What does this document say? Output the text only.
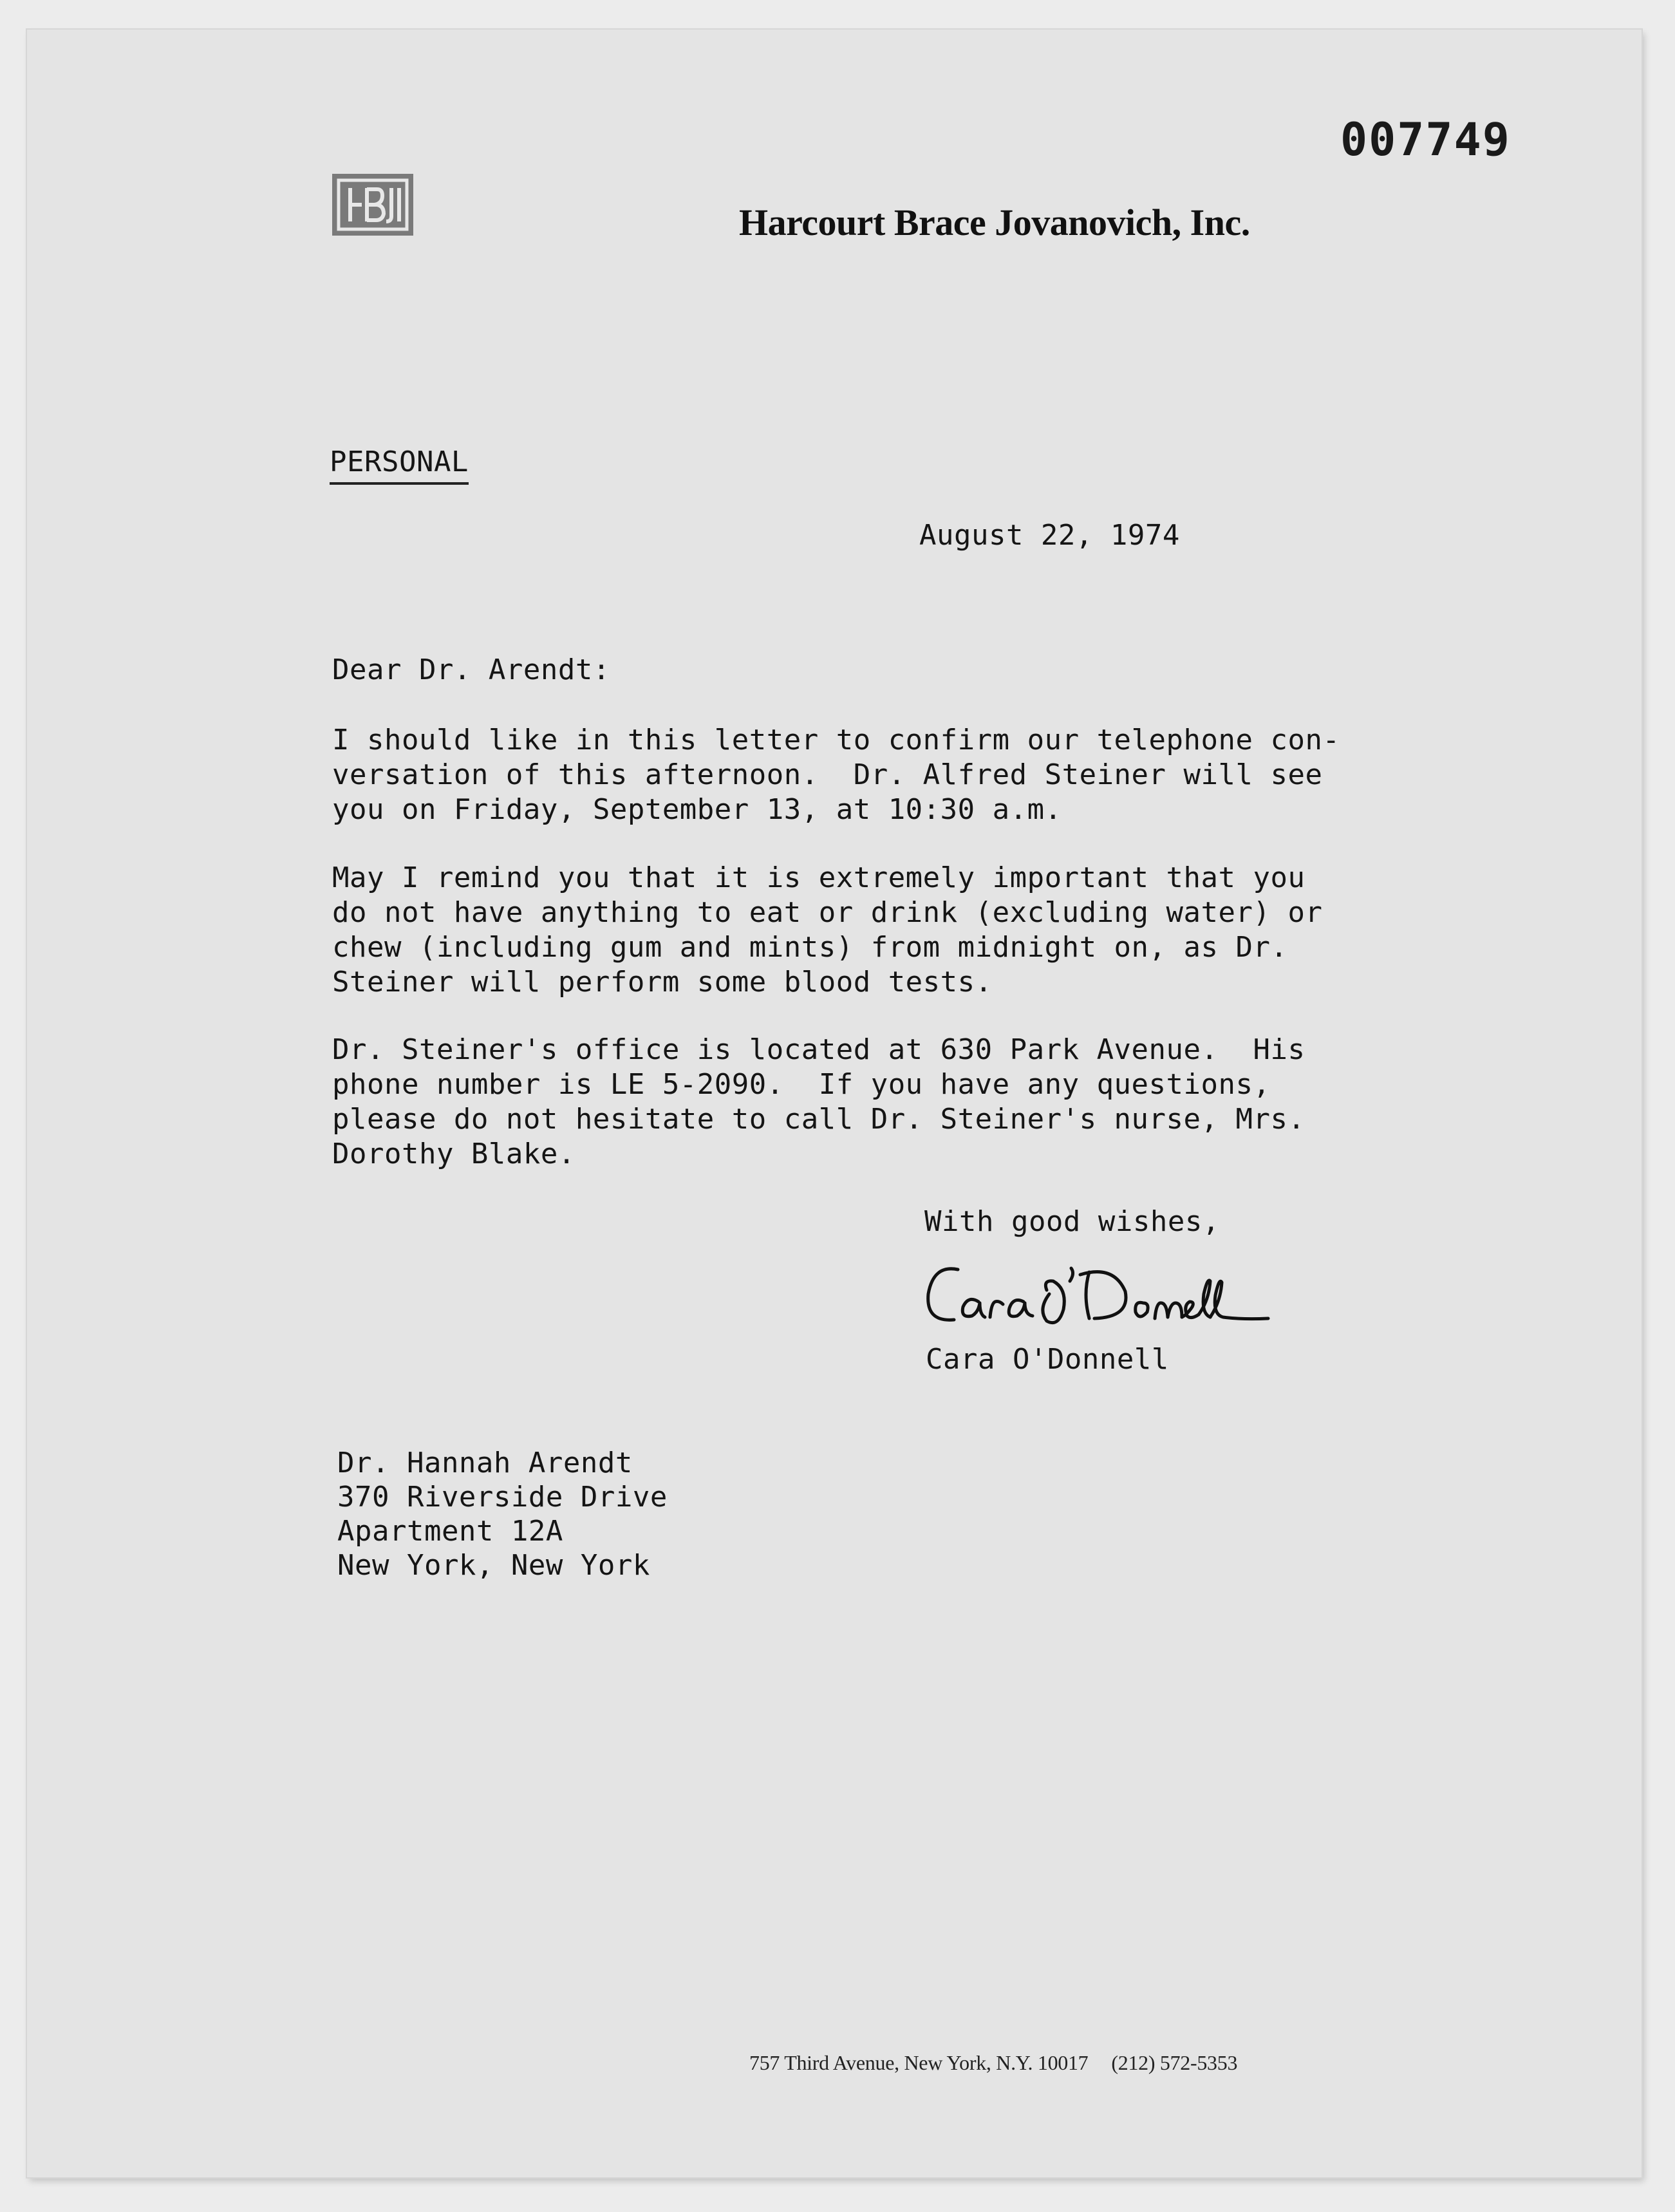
007749
Harcourt Brace Jovanovich, Inc.
PERSONAL
August 22, 1974
Dear Dr. Arendt:
I should like in this letter to confirm our telephone con-
versation of this afternoon.  Dr. Alfred Steiner will see
you on Friday, September 13, at 10:30 a.m.
May I remind you that it is extremely important that you
do not have anything to eat or drink (excluding water) or
chew (including gum and mints) from midnight on, as Dr.
Steiner will perform some blood tests.
Dr. Steiner's office is located at 630 Park Avenue.  His
phone number is LE 5-2090.  If you have any questions,
please do not hesitate to call Dr. Steiner's nurse, Mrs.
Dorothy Blake.
With good wishes,
Cara O'Donnell
Dr. Hannah Arendt
370 Riverside Drive
Apartment 12A
New York, New York
757 Third Avenue, New York, N.Y. 10017 (212) 572-5353
